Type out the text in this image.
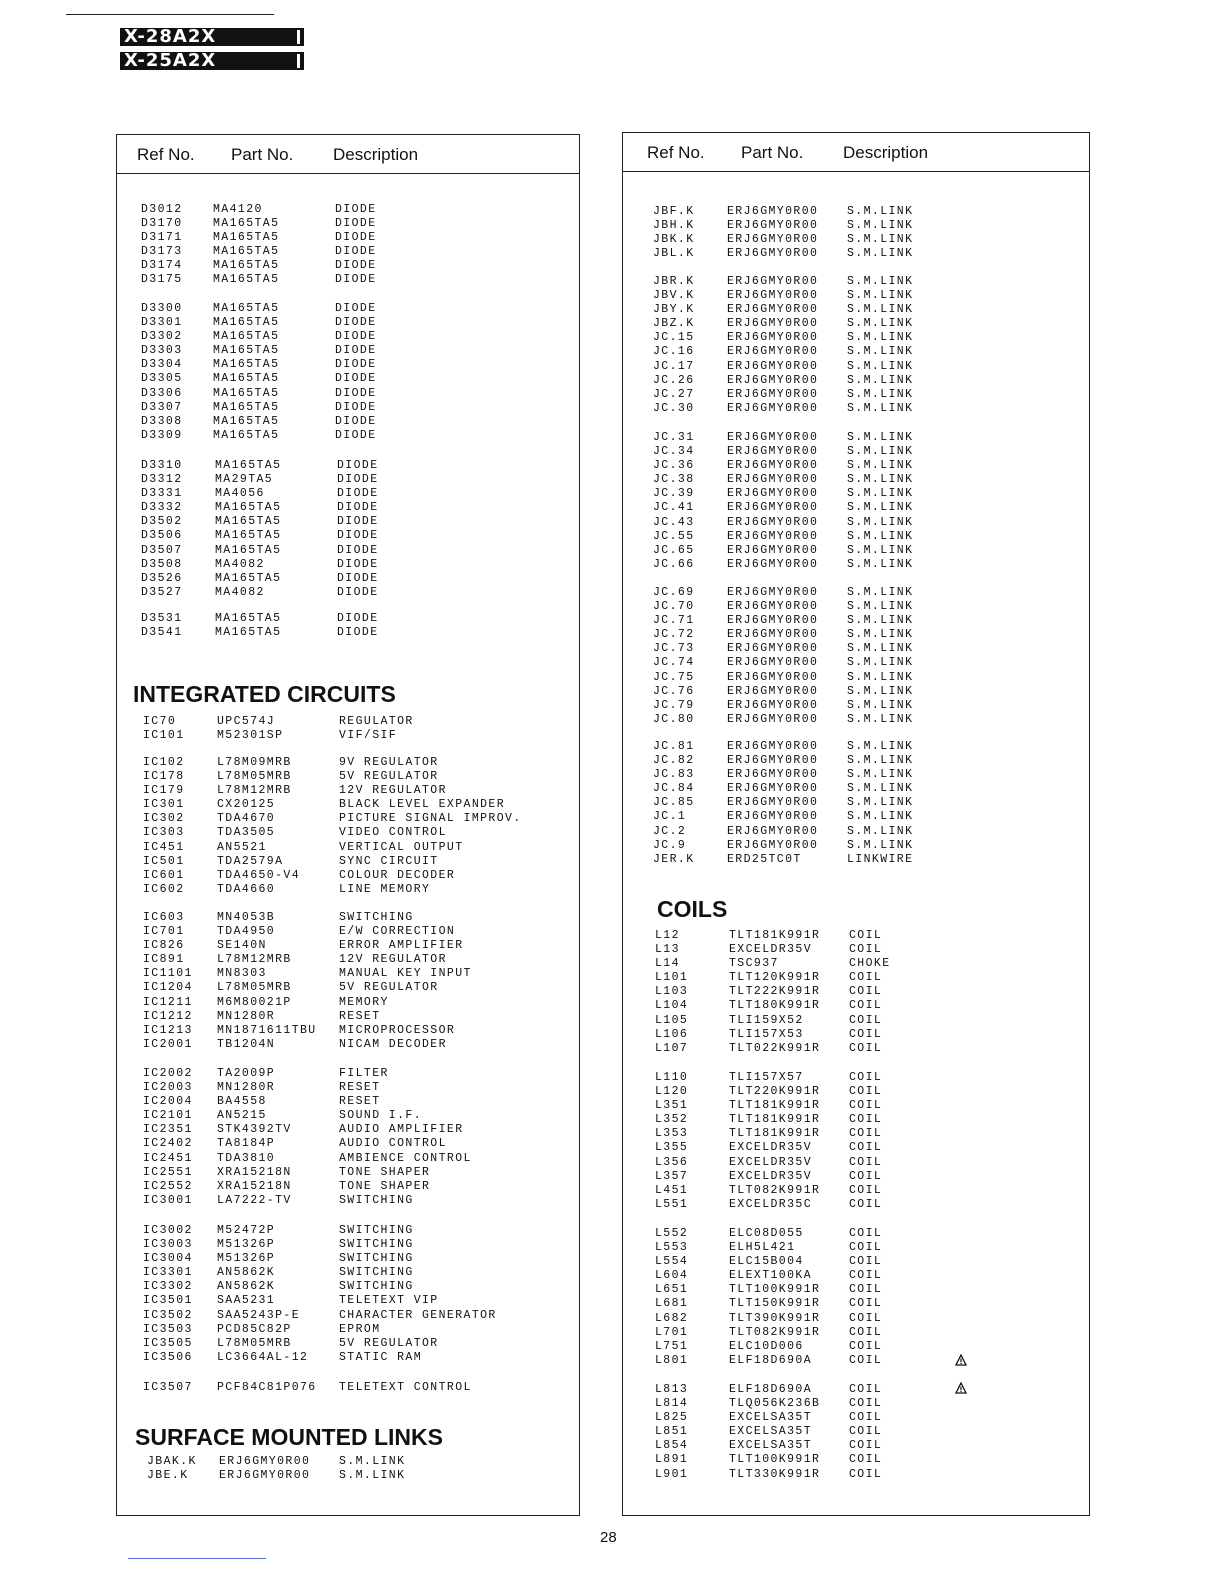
X-28A2X
X-25A2X
Ref No. Part No. Description
D3012	MA4120	DIODE
D3170	MA165TA5	DIODE
D3171	MA165TA5	DIODE
D3173	MA165TA5	DIODE
D3174	MA165TA5	DIODE
D3175	MA165TA5	DIODE
D3300	MA165TA5	DIODE
D3301	MA165TA5	DIODE
D3302	MA165TA5	DIODE
D3303	MA165TA5	DIODE
D3304	MA165TA5	DIODE
D3305	MA165TA5	DIODE
D3306	MA165TA5	DIODE
D3307	MA165TA5	DIODE
D3308	MA165TA5	DIODE
D3309	MA165TA5	DIODE
D3310	MA165TA5	DIODE
D3312	MA29TA5	DIODE
D3331	MA4056	DIODE
D3332	MA165TA5	DIODE
D3502	MA165TA5	DIODE
D3506	MA165TA5	DIODE
D3507	MA165TA5	DIODE
D3508	MA4082	DIODE
D3526	MA165TA5	DIODE
D3527	MA4082	DIODE
D3531	MA165TA5	DIODE
D3541	MA165TA5	DIODE
INTEGRATED CIRCUITS
IC70	UPC574J	REGULATOR
IC101	M52301SP	VIF/SIF
IC102	L78M09MRB	9V REGULATOR
IC178	L78M05MRB	5V REGULATOR
IC179	L78M12MRB	12V REGULATOR
IC301	CX20125	BLACK LEVEL EXPANDER
IC302	TDA4670	PICTURE SIGNAL IMPROV.
IC303	TDA3505	VIDEO CONTROL
IC451	AN5521	VERTICAL OUTPUT
IC501	TDA2579A	SYNC CIRCUIT
IC601	TDA4650-V4	COLOUR DECODER
IC602	TDA4660	LINE MEMORY
IC603	MN4053B	SWITCHING
IC701	TDA4950	E/W CORRECTION
IC826	SE140N	ERROR AMPLIFIER
IC891	L78M12MRB	12V REGULATOR
IC1101 MN8303	MANUAL KEY INPUT
IC1204 L78M05MRB	5V REGULATOR
IC1211 M6M80021P	MEMORY
IC1212 MN1280R	RESET
IC1213 MN1871611TBU MICROPROCESSOR
IC2001 TB1204N	NICAM DECODER
IC2002 TA2009P	FILTER
IC2003 MN1280R	RESET
IC2004 BA4558	RESET
IC2101 AN5215	SOUND I.F.
IC2351 STK4392TV	AUDIO AMPLIFIER
IC2402 TA8184P	AUDIO CONTROL
IC2451 TDA3810	AMBIENCE CONTROL
IC2551 XRA15218N	TONE SHAPER
IC2552 XRA15218N	TONE SHAPER
IC3001 LA7222-TV	SWITCHING
IC3002 M52472P	SWITCHING
IC3003 M51326P	SWITCHING
IC3004 M51326P	SWITCHING
IC3301 AN5862K	SWITCHING
IC3302 AN5862K	SWITCHING
IC3501 SAA5231	TELETEXT VIP
IC3502 SAA5243P-E	CHARACTER GENERATOR
IC3503 PCD85C82P	EPROM
IC3505 L78M05MRB	5V REGULATOR
IC3506 LC3664AL-12	STATIC RAM
IC3507 PCF84C81P076 TELETEXT CONTROL
SURFACE MOUNTED LINKS
JBAK.K ERJ6GMY0R00 S.M.LINK
JBE.K	ERJ6GMY0R00 S.M.LINK
Ref No. Part No. Description
JBF.K	ERJ6GMY0R00 S.M.LINK
JBH.K	ERJ6GMY0R00 S.M.LINK
JBK.K	ERJ6GMY0R00 S.M.LINK
JBL.K	ERJ6GMY0R00 S.M.LINK
JBR.K	ERJ6GMY0R00 S.M.LINK
JBV.K	ERJ6GMY0R00 S.M.LINK
JBY.K	ERJ6GMY0R00 S.M.LINK
JBZ.K	ERJ6GMY0R00 S.M.LINK
JC.15	ERJ6GMY0R00 S.M.LINK
JC.16	ERJ6GMY0R00 S.M.LINK
JC.17	ERJ6GMY0R00 S.M.LINK
JC.26	ERJ6GMY0R00 S.M.LINK
JC.27	ERJ6GMY0R00 S.M.LINK
JC.30	ERJ6GMY0R00 S.M.LINK
JC.31	ERJ6GMY0R00 S.M.LINK
JC.34	ERJ6GMY0R00 S.M.LINK
JC.36	ERJ6GMY0R00 S.M.LINK
JC.38	ERJ6GMY0R00 S.M.LINK
JC.39	ERJ6GMY0R00 S.M.LINK
JC.41	ERJ6GMY0R00 S.M.LINK
JC.43	ERJ6GMY0R00 S.M.LINK
JC.55	ERJ6GMY0R00 S.M.LINK
JC.65	ERJ6GMY0R00 S.M.LINK
JC.66	ERJ6GMY0R00 S.M.LINK
JC.69	ERJ6GMY0R00 S.M.LINK
JC.70	ERJ6GMY0R00 S.M.LINK
JC.71	ERJ6GMY0R00 S.M.LINK
JC.72	ERJ6GMY0R00 S.M.LINK
JC.73	ERJ6GMY0R00 S.M.LINK
JC.74	ERJ6GMY0R00 S.M.LINK
JC.75	ERJ6GMY0R00 S.M.LINK
JC.76	ERJ6GMY0R00 S.M.LINK
JC.79	ERJ6GMY0R00 S.M.LINK
JC.80	ERJ6GMY0R00 S.M.LINK
JC.81	ERJ6GMY0R00 S.M.LINK
JC.82	ERJ6GMY0R00 S.M.LINK
JC.83	ERJ6GMY0R00 S.M.LINK
JC.84	ERJ6GMY0R00 S.M.LINK
JC.85	ERJ6GMY0R00 S.M.LINK
JC.1	ERJ6GMY0R00 S.M.LINK
JC.2	ERJ6GMY0R00 S.M.LINK
JC.9	ERJ6GMY0R00 S.M.LINK
JER.K	ERD25TC0T	LINKWIRE
COILS
L12	TLT181K991R COIL
L13	EXCELDR35V	COIL
L14	TSC937	CHOKE
L101	TLT120K991R COIL
L103	TLT222K991R COIL
L104	TLT180K991R COIL
L105	TLI159X52	COIL
L106	TLI157X53	COIL
L107	TLT022K991R COIL
L110	TLI157X57	COIL
L120	TLT220K991R COIL
L351	TLT181K991R COIL
L352	TLT181K991R COIL
L353	TLT181K991R COIL
L355	EXCELDR35V	COIL
L356	EXCELDR35V	COIL
L357	EXCELDR35V	COIL
L451	TLT082K991R COIL
L551	EXCELDR35C	COIL
L552	ELC08D055	COIL
L553	ELH5L421	COIL
L554	ELC15B004	COIL
L604	ELEXT100KA	COIL
L651	TLT100K991R COIL
L681	TLT150K991R COIL
L682	TLT390K991R COIL
L701	TLT082K991R COIL
L751	ELC10D006	COIL
L801	ELF18D690A	COIL
L813	ELF18D690A	COIL
L814	TLQ056K236B COIL
L825	EXCELSA35T	COIL
L851	EXCELSA35T	COIL
L854	EXCELSA35T	COIL
L891	TLT100K991R COIL
L901	TLT330K991R COIL
28
